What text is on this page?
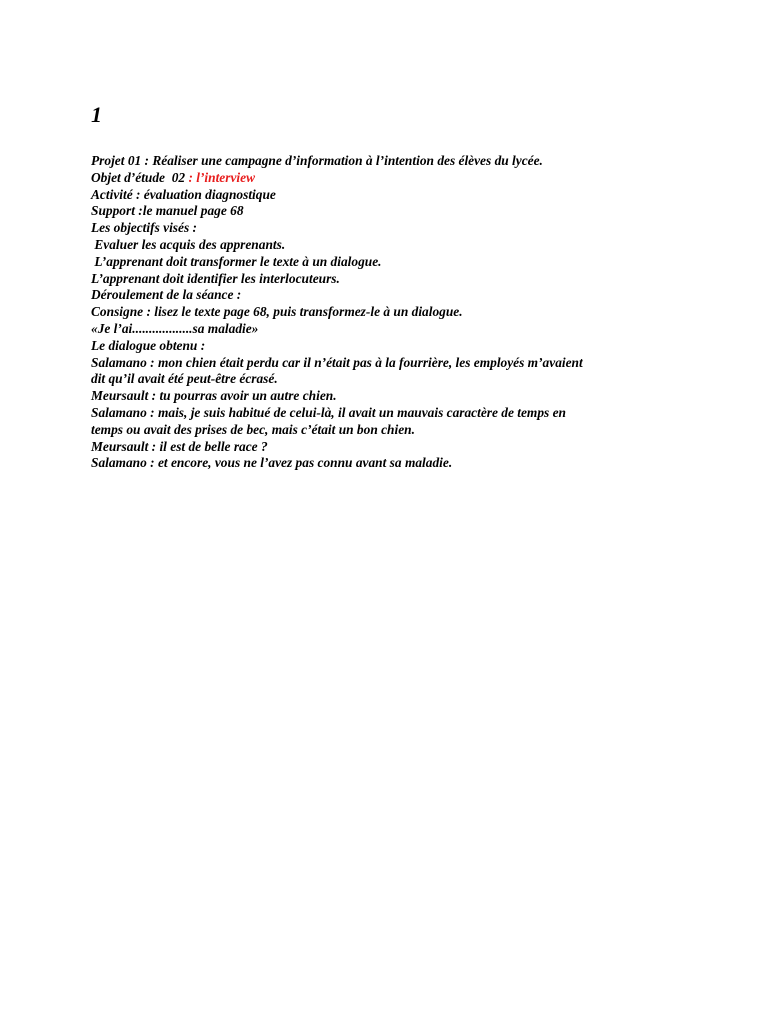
1
Projet 01 : Réaliser une campagne d’information à l’intention des élèves du lycée.
Objet d’étude  02 : l’interview
Activité : évaluation diagnostique
Support :le manuel page 68
Les objectifs visés :
Evaluer les acquis des apprenants.
L’apprenant doit transformer le texte à un dialogue.
L’apprenant doit identifier les interlocuteurs.
Déroulement de la séance :
Consigne : lisez le texte page 68, puis transformez-le à un dialogue.
«Je l’ai..................sa maladie»
Le dialogue obtenu :
Salamano : mon chien était perdu car il n’était pas à la fourrière, les employés m’avaient
dit qu’il avait été peut-être écrasé.
Meursault : tu pourras avoir un autre chien.
Salamano : mais, je suis habitué de celui-là, il avait un mauvais caractère de temps en
temps ou avait des prises de bec, mais c’était un bon chien.
Meursault : il est de belle race ?
Salamano : et encore, vous ne l’avez pas connu avant sa maladie.
